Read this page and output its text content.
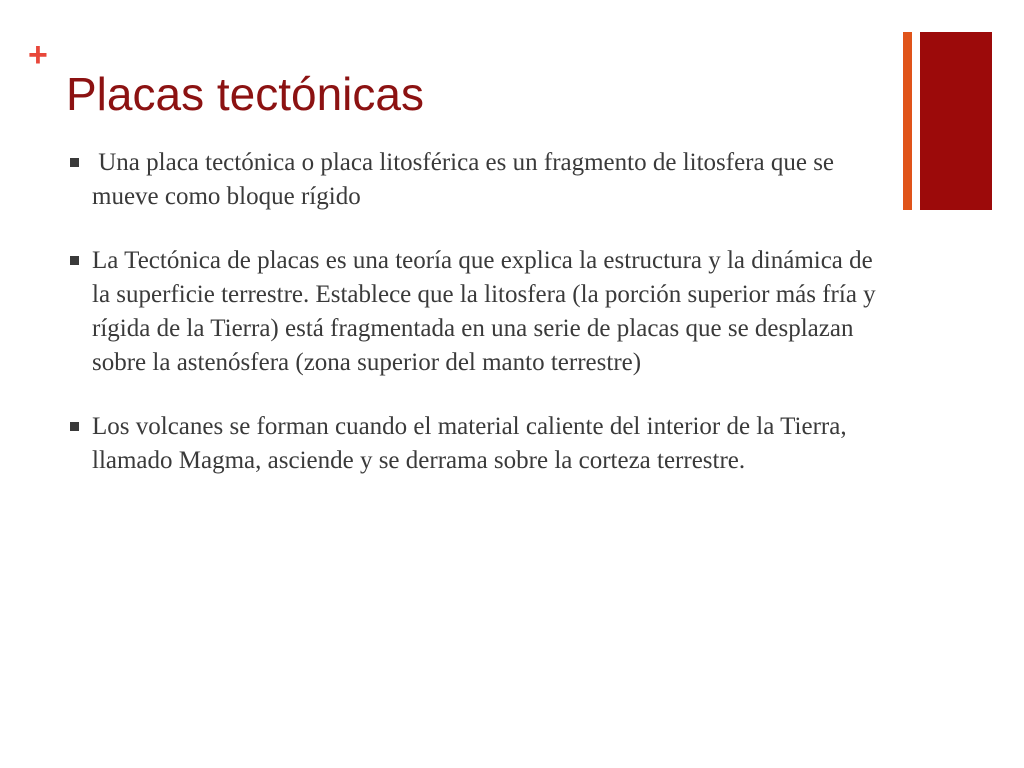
+
Placas tectónicas
Una placa tectónica o placa litosférica es un fragmento de litosfera que se mueve como bloque rígido
La Tectónica de placas es una teoría que explica la estructura y la dinámica de la superficie terrestre. Establece que la litosfera (la porción superior más fría y rígida de la Tierra) está fragmentada en una serie de placas que se desplazan sobre la astenósfera (zona superior del manto terrestre)
Los volcanes se forman cuando el material caliente del interior de la Tierra, llamado Magma, asciende y se derrama sobre la corteza terrestre.
